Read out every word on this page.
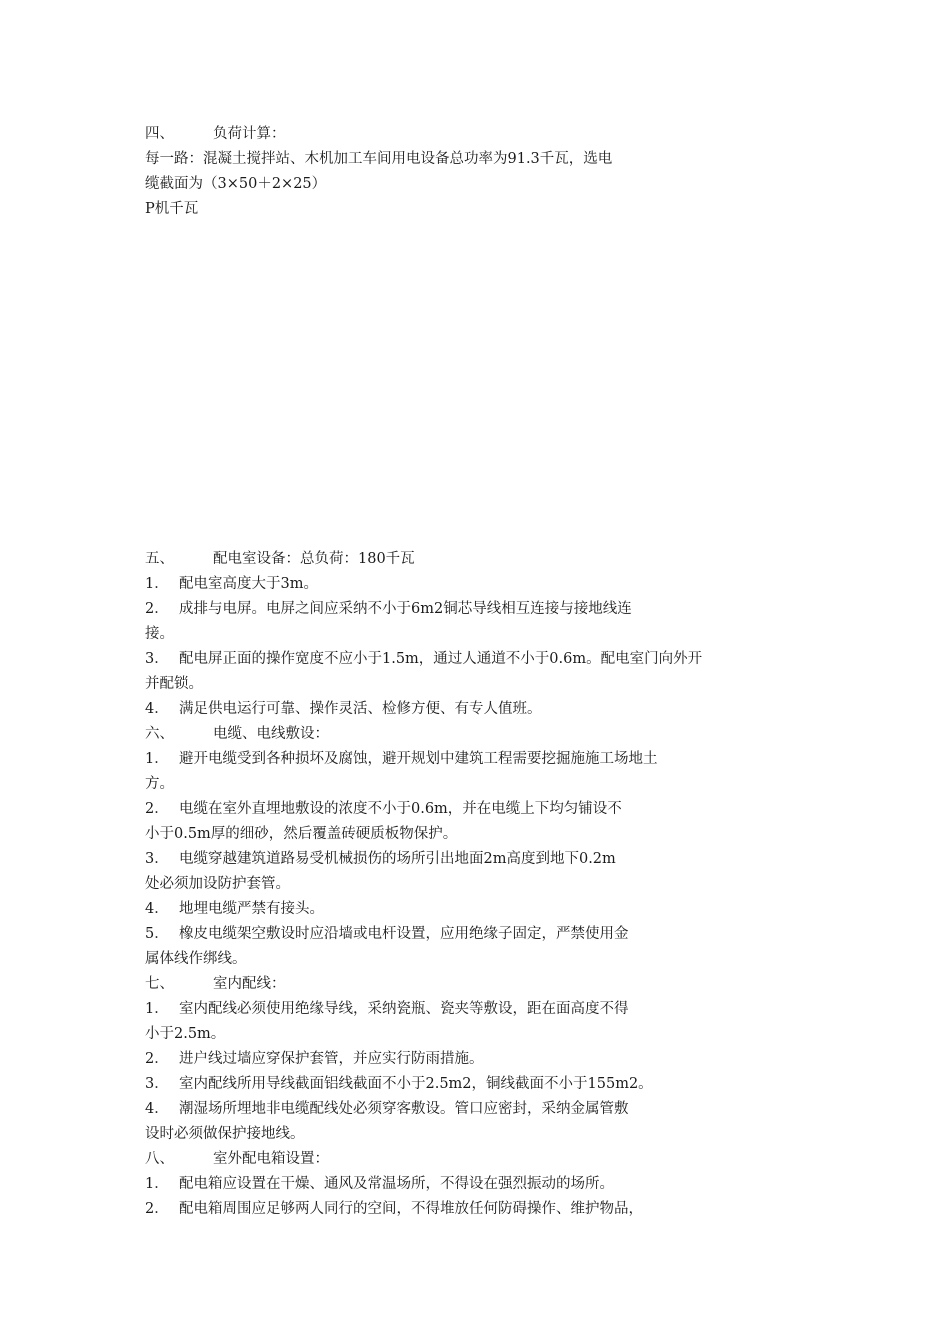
四、	负荷计算：
每一路：混凝土搅拌站、木机加工车间用电设备总功率为91.3千瓦，选电
缆截面为（3×50＋2×25）
P机千瓦
五、	配电室设备：总负荷：180千瓦
1． 配电室高度大于3m。
2． 成排与电屏。电屏之间应采纳不小于6m2铜芯导线相互连接与接地线连
接。
3． 配电屏正面的操作宽度不应小于1.5m，通过人通道不小于0.6m。配电室门向外开
并配锁。
4． 满足供电运行可靠、操作灵活、检修方便、有专人值班。
六、	电缆、电线敷设：
1． 避开电缆受到各种损坏及腐蚀，避开规划中建筑工程需要挖掘施施工场地土
方。
2． 电缆在室外直埋地敷设的浓度不小于0.6m，并在电缆上下均匀铺设不
小于0.5m厚的细砂，然后覆盖砖硬质板物保护。
3． 电缆穿越建筑道路易受机械损伤的场所引出地面2m高度到地下0.2m
处必须加设防护套管。
4． 地埋电缆严禁有接头。
5． 橡皮电缆架空敷设时应沿墙或电杆设置，应用绝缘子固定，严禁使用金
属体线作绑线。
七、	室内配线：
1． 室内配线必须使用绝缘导线，采纳瓷瓶、瓷夹等敷设，距在面高度不得
小于2.5m。
2． 进户线过墙应穿保护套管，并应实行防雨措施。
3． 室内配线所用导线截面铝线截面不小于2.5m2，铜线截面不小于155m2。
4． 潮湿场所埋地非电缆配线处必须穿客敷设。管口应密封，采纳金属管敷
设时必须做保护接地线。
八、	室外配电箱设置：
1． 配电箱应设置在干燥、通风及常温场所，不得设在强烈振动的场所。
2． 配电箱周围应足够两人同行的空间，不得堆放任何防碍操作、维护物品，
